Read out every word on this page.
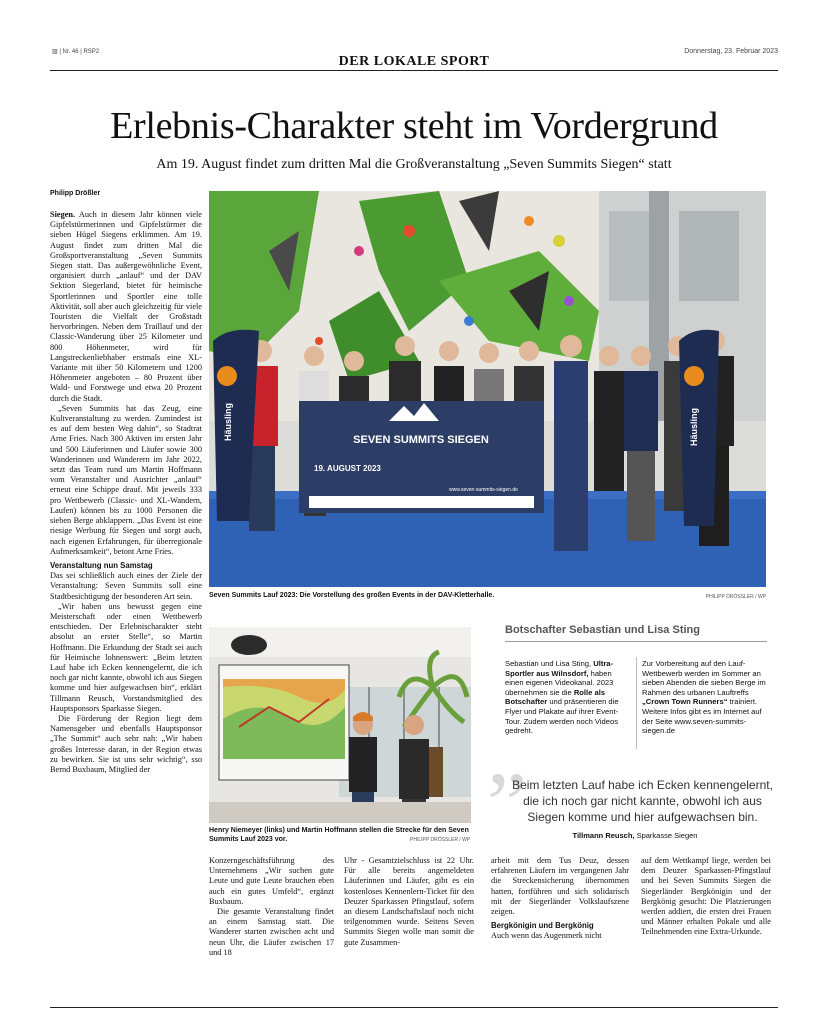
▥ | Nr. 46 | RSP2
DER LOKALE SPORT
Donnerstag, 23. Februar 2023
Erlebnis-Charakter steht im Vordergrund
Am 19. August findet zum dritten Mal die Großveranstaltung „Seven Summits Siegen“ statt
Philipp Drößler

Siegen. Auch in diesem Jahr können viele Gipfelstürmerinnen und Gipfelstürmer die sieben Hügel Siegens erklimmen. Am 19. August findet zum dritten Mal die Großsportveranstaltung „Seven Summits Siegen statt. Das außergewöhnliche Event, organisiert durch „anlauf“ und der DAV Sektion Siegerland, bietet für heimische Sportlerinnen und Sportler eine tolle Aktivität, soll aber auch gleichzeitig für viele Touristen die Vielfalt der Großstadt hervorbringen. Neben dem Traillauf und der Classic-Wanderung über 25 Kilometer und 800 Höhenmeter, wird für Langstreckenliebhaber erstmals eine XL-Variante mit über 50 Kilometern und 1200 Höhenmeter angeboten – 80 Prozent über Wald- und Forstwege und etwa 20 Prozent durch die Stadt.

„Seven Summits hat das Zeug, eine Kultveranstaltung zu werden. Zumindest ist es auf dem besten Weg dahin“, so Stadtrat Arne Fries. Nach 300 Aktiven im ersten Jahr und 500 Läuferinnen und Läufer sowie 300 Wanderinnen und Wanderern im Jahr 2022, setzt das Team rund um Martin Hoffmann vom Veranstalter und Ausrichter „anlauf“ erneut eine Schippe drauf. Mit jeweils 333 pro Wettbewerb (Classic- und XL-Wandern, Laufen) können bis zu 1000 Personen die sieben Berge abklappern. „Das Event ist eine riesige Werbung für Siegen und sorgt auch, nach eigenen Erfahrungen, für überregionale Aufmerksamkeit“, betont Arne Fries.

Veranstaltung nun Samstag

Das sei schließlich auch eines der Ziele der Veranstaltung: Seven Summits soll eine Stadtbesichtigung der besonderen Art sein.

„Wir haben uns bewusst gegen eine Meisterschaft oder einen Wettbewerb entschieden. Der Erlebnischarakter steht absolut an erster Stelle“, so Martin Hoffmann. Die Erkundung der Stadt sei auch für Heimische lohnenswert: „Beim letzten Lauf habe ich Ecken kennengelernt, die ich noch gar nicht kannte, obwohl ich aus Siegen komme und hier aufgewachsen bin“, erklärt Tillmann Reusch, Vorstandsmitglied des Hauptsponsors Sparkasse Siegen.

Die Förderung der Region liegt dem Namensgeber und ebenfalls Hauptsponsor „The Summit“ auch sehr nah: „Wir haben großes Interesse daran, in der Region etwas zu bewirken. Sie ist uns sehr wichtig“, sso Bernd Buxbaum, Mitglied der

SEVEN SUMMITS SIEGEN
19. AUGUST 2023
www.seven-summits-siegen.de
Häusling	Häusling
Seven Summits Lauf 2023: Die Vorstellung des großen Events in der DAV-Kletterhalle.	PHILIPP DRÖSSLER / WP
Henry Niemeyer (links) und Martin Hoffmann stellen die Strecke für den Seven Summits Lauf 2023 vor.	PHILIPP DRÖSSLER / WP
Botschafter Sebastian und Lisa Sting
Sebastian und Lisa Sting, Ultra-Sportler aus Wilnsdorf, haben einen eigenen Videokanal. 2023 übernehmen sie die Rolle als Botschafter und präsentieren die Flyer und Plakate auf ihrer Event-Tour. Zudem werden noch Videos gedreht.
Zur Vorbereitung auf den Lauf-Wettbewerb werden im Sommer an sieben Abenden die sieben Berge im Rahmen des urbanen Lauftreffs „Crown Town Runners“ trainiert. Weitere Infos gibt es im Internet auf der Seite www.seven-summits-siegen.de
”
Beim letzten Lauf habe ich Ecken kennengelernt, die ich noch gar nicht kannte, obwohl ich aus Siegen komme und hier aufgewachsen bin.
Tillmann Reusch, Sparkasse Siegen

Konzerngeschäftsführung des Unternehmens „Wir suchen gute Leute und gute Leute brauchen eben auch ein gutes Umfeld“, ergänzt Buxbaum.

Die gesamte Veranstaltung findet an einem Samstag statt. Die Wanderer starten zwischen acht und neun Uhr, die Läufer zwischen 17 und 18

Uhr - Gesamtzielschluss ist 22 Uhr. Für alle bereits angemeldeten Läuferinnen und Läufer, gibt es ein kostenloses Kennenlern-Ticket für den Deuzer Sparkassen Pfingstlauf, sofern an diesem Landschaftslauf noch nicht teilgenommen wurde. Seitens Seven Summits Siegen wolle man somit die gute Zusammen-

arbeit mit dem Tus Deuz, dessen erfahrenen Läufern im vergangenen Jahr die Streckensicherung übernommen hatten, fortführen und sich solidarisch mit der Siegerländer Volkslaufszene zeigen.

Bergkönigin und Bergkönig

Auch wenn das Augenmerk nicht

auf dem Wettkampf liege, werden bei dem Deuzer Sparkassen-Pfingstlauf und bei Seven Summits Siegen die Siegerländer Bergkönigin und der Bergkönig gesucht: Die Platzierungen werden addiert, die ersten drei Frauen und Männer erhalten Pokale und alle Teilnehmenden eine Extra-Urkunde.
